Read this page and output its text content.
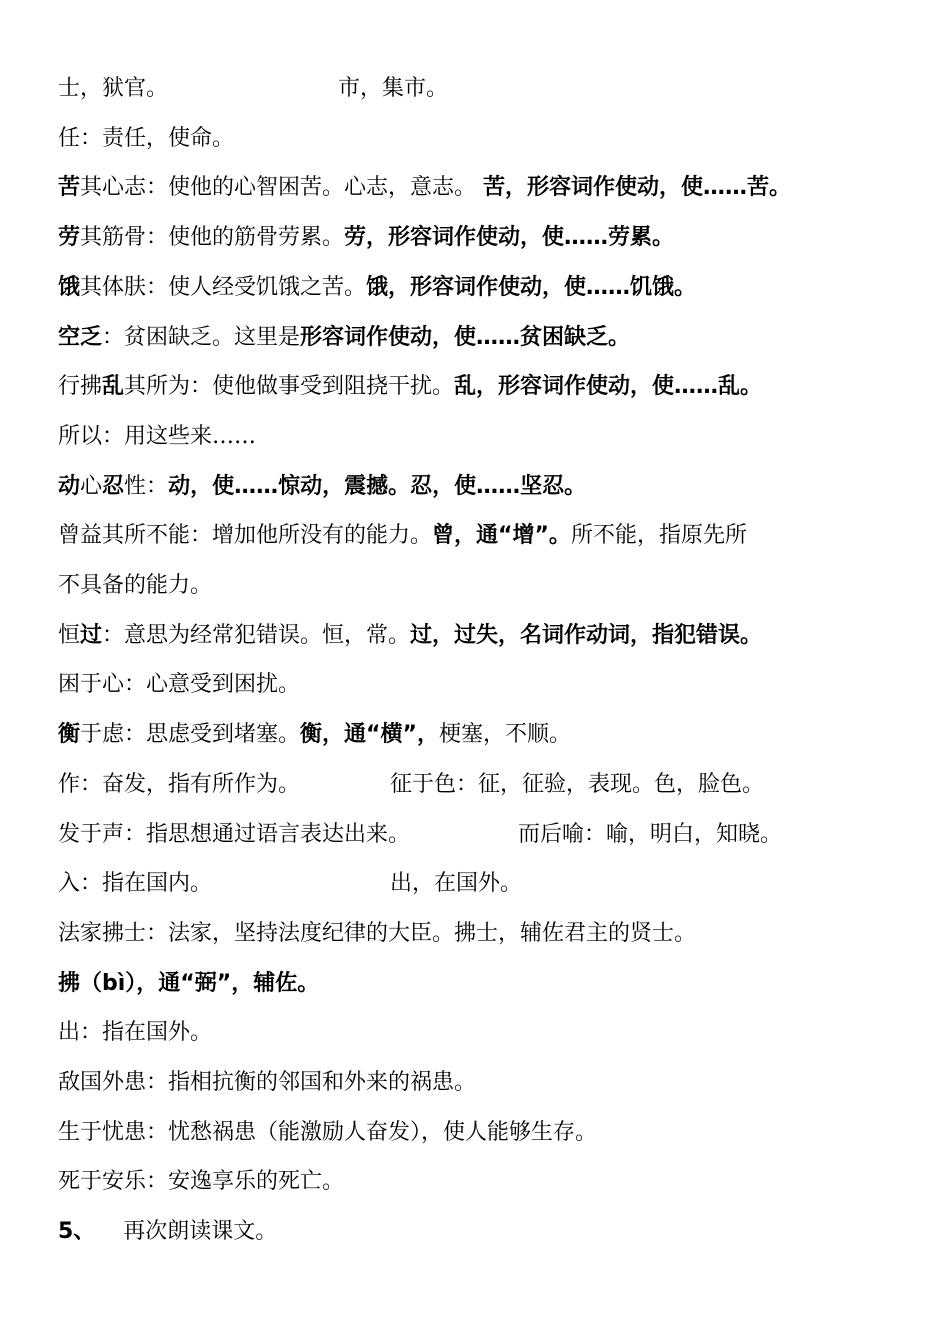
士，狱官。	市，集市。
任：责任，使命。
苦其心志：使他的心智困苦。心志，意志。 苦，形容词作使动，使……苦。
劳其筋骨：使他的筋骨劳累。劳，形容词作使动，使……劳累。
饿其体肤：使人经受饥饿之苦。饿，形容词作使动，使……饥饿。
空乏：贫困缺乏。这里是形容词作使动，使……贫困缺乏。
行拂乱其所为：使他做事受到阻挠干扰。乱，形容词作使动，使……乱。
所以：用这些来……
动心忍性：动，使……惊动，震撼。忍，使……坚忍。
曾益其所不能：增加他所没有的能力。曾，通“增”。所不能，指原先所
不具备的能力。
恒过：意思为经常犯错误。恒，常。过，过失，名词作动词，指犯错误。
困于心：心意受到困扰。
衡于虑：思虑受到堵塞。衡，通“横”，梗塞，不顺。
作：奋发，指有所作为。	征于色：征，征验，表现。色，脸色。
发于声：指思想通过语言表达出来。	而后喻：喻，明白，知晓。
入：指在国内。	出，在国外。
法家拂士：法家，坚持法度纪律的大臣。拂士，辅佐君主的贤士。
拂（bì），通“弼”，辅佐。
出：指在国外。
敌国外患：指相抗衡的邻国和外来的祸患。
生于忧患：忧愁祸患（能激励人奋发），使人能够生存。
死于安乐：安逸享乐的死亡。
5、    再次朗读课文。
